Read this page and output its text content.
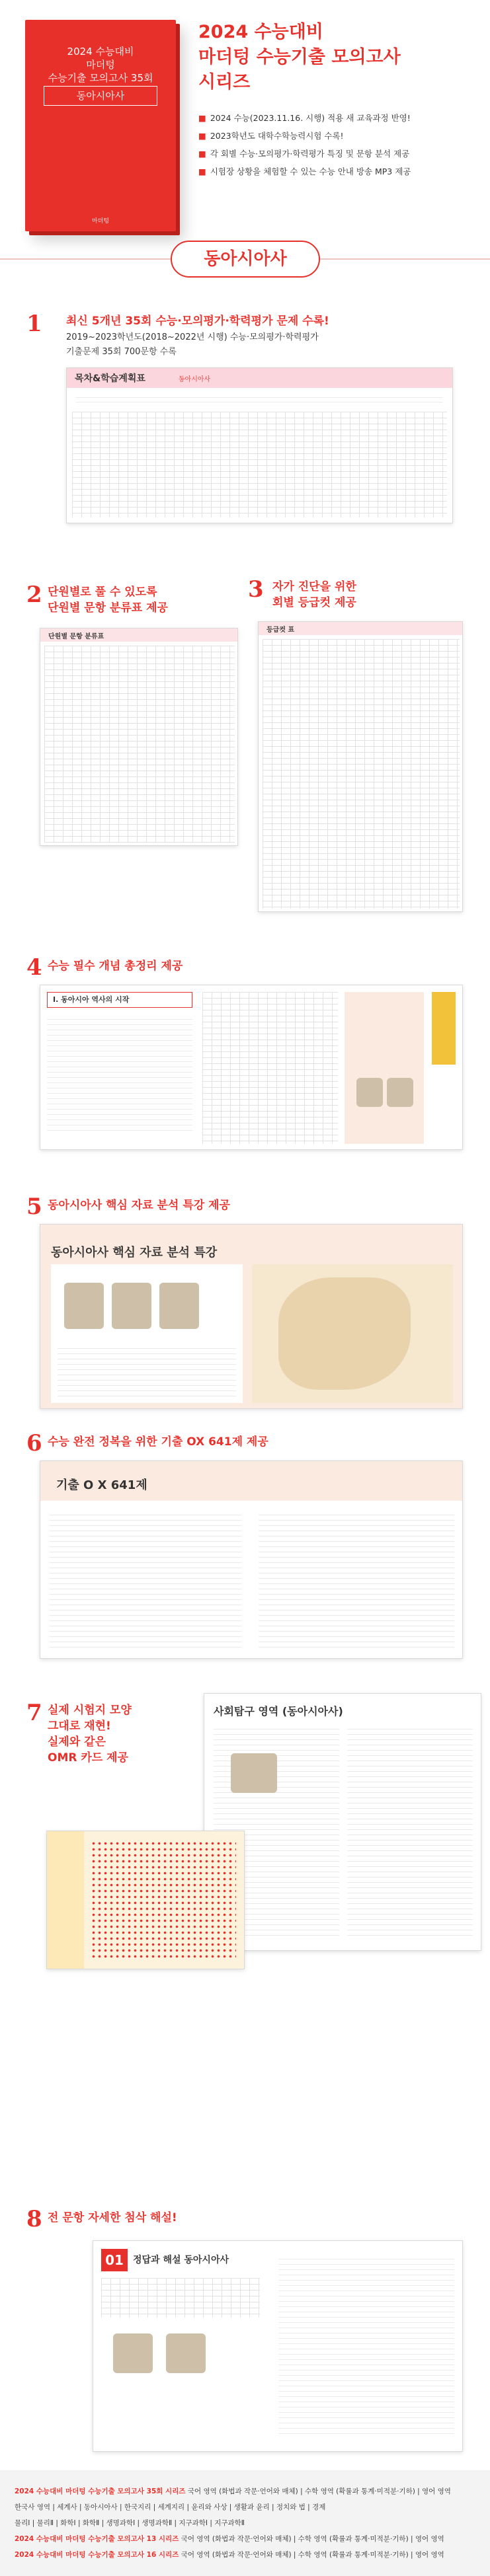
2024 수능대비
마더텅
수능기출 모의고사 35회
동아시아사
마더텅
2024 수능대비
마더텅 수능기출 모의고사
시리즈
■ 2024 수능(2023.11.16. 시행) 적용 새 교육과정 반영!
■ 2023학년도 대학수학능력시험 수록!
■ 각 회별 수능·모의평가·학력평가 특징 및 문항 분석 제공
■ 시험장 상황을 체험할 수 있는 수능 안내 방송 MP3 제공
동아시아사
1 최신 5개년 35회 수능·모의평가·학력평가 문제 수록!
2019~2023학년도(2018~2022년 시행) 수능·모의평가·학력평가
기출문제 35회 700문항 수록
목차&학습계획표	동아시아사
2 단원별로 풀 수 있도록
단원별 문항 분류표 제공
단원별 문항 분류표
3 자가 진단을 위한
회별 등급컷 제공
등급컷 표
4 수능 필수 개념 총정리 제공
Ⅰ. 동아시아 역사의 시작
5 동아시아사 핵심 자료 분석 특강 제공
동아시아사 핵심 자료 분석 특강
6 수능 완전 정복을 위한 기출 OX 641제 제공
기출 O X 641제
7 실제 시험지 모양
그대로 재현!
실제와 같은
OMR 카드 제공
사회탐구 영역 (동아시아사)
8 전 문항 자세한 첨삭 해설!
01	정답과 해설 동아시아사

2024 수능대비 마더텅 수능기출 모의고사 35회 시리즈 국어 영역 (화법과 작문·언어와 매체) | 수학 영역 (확률과 통계·미적분·기하) | 영어 영역

한국사 영역 | 세계사 | 동아시아사 | 한국지리 | 세계지리 | 윤리와 사상 | 생활과 윤리 | 정치와 법 | 경제

물리Ⅰ | 물리Ⅱ | 화학Ⅰ | 화학Ⅱ | 생명과학Ⅰ | 생명과학Ⅱ | 지구과학Ⅰ | 지구과학Ⅱ

2024 수능대비 마더텅 수능기출 모의고사 13 시리즈 국어 영역 (화법과 작문·언어와 매체) | 수학 영역 (확률과 통계·미적분·기하) | 영어 영역

2024 수능대비 마더텅 수능기출 모의고사 16 시리즈 국어 영역 (화법과 작문·언어와 매체) | 수학 영역 (확률과 통계·미적분·기하) | 영어 영역
